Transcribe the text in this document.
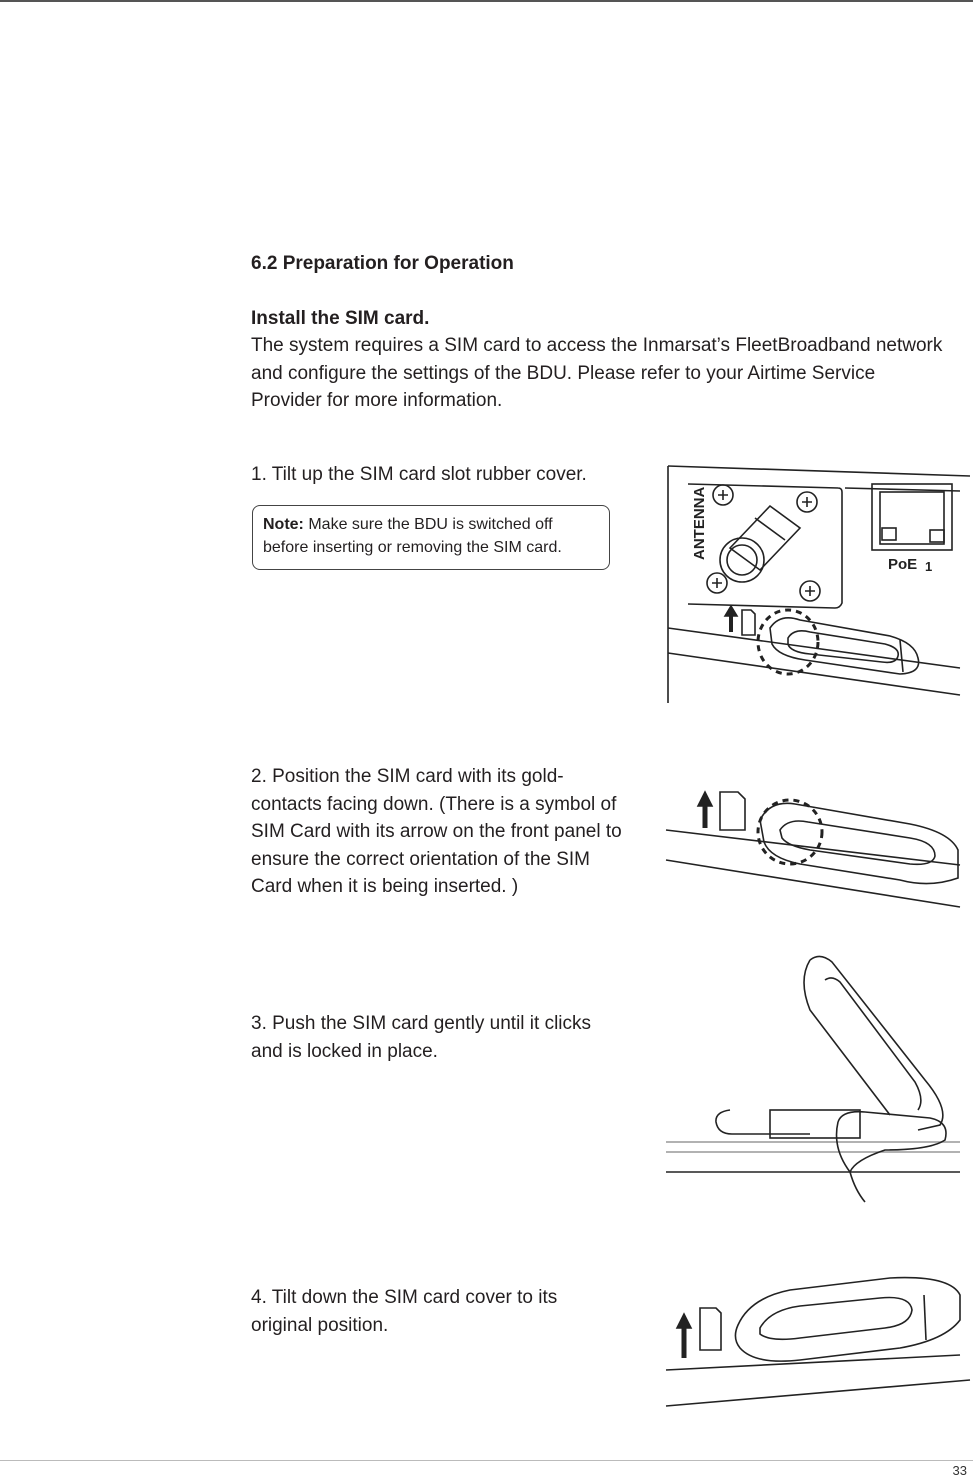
6.2 Preparation for Operation
Install the SIM card.
The system requires a SIM card to access the Inmarsat’s FleetBroadband network
and configure the settings of the BDU. Please refer to your Airtime Service
Provider for more information.
1. Tilt up the SIM card slot rubber cover.
Note: Make sure the BDU is switched off before inserting or removing the SIM card.
2. Position the SIM card with its gold- contacts facing down. (There is a symbol of SIM Card with its arrow on the front panel to ensure the correct orientation of the SIM Card when it is being inserted. )
3. Push the SIM card gently until it clicks and is locked in place.
4. Tilt down the SIM card cover to its original position.
ANTENNA
PoE 1
33
